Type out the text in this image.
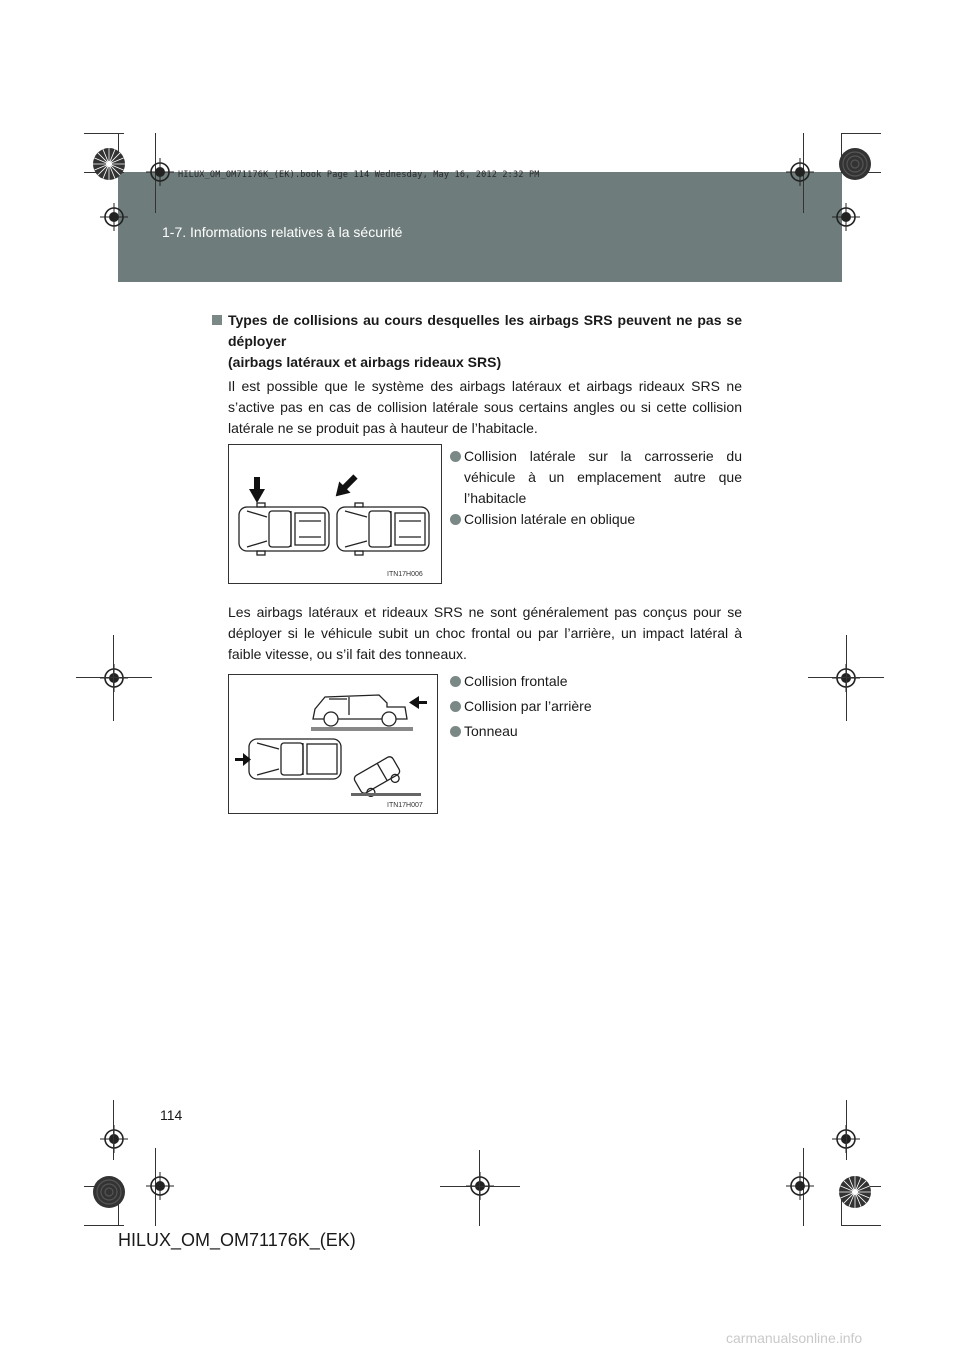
1-7. Informations relatives à la sécurité
HILUX_OM_OM71176K_(EK).book Page 114 Wednesday, May 16, 2012 2:32 PM
Types de collisions au cours desquelles les airbags SRS peuvent ne pas se déployer
(airbags latéraux et airbags rideaux SRS)
Il est possible que le système des airbags latéraux et airbags rideaux SRS ne s’active pas en cas de collision latérale sous certains angles ou si cette collision latérale ne se produit pas à hauteur de l’habitacle.
ITN17H006
Collision latérale sur la carrosserie du véhicule à un emplacement autre que l’habitacle
Collision latérale en oblique
Les airbags latéraux et rideaux SRS ne sont généralement pas conçus pour se déployer si le véhicule subit un choc frontal ou par l’arrière, un impact latéral à faible vitesse, ou s’il fait des tonneaux.
ITN17H007
Collision frontale
Collision par l’arrière
Tonneau
114
HILUX_OM_OM71176K_(EK)
carmanualsonline.info
